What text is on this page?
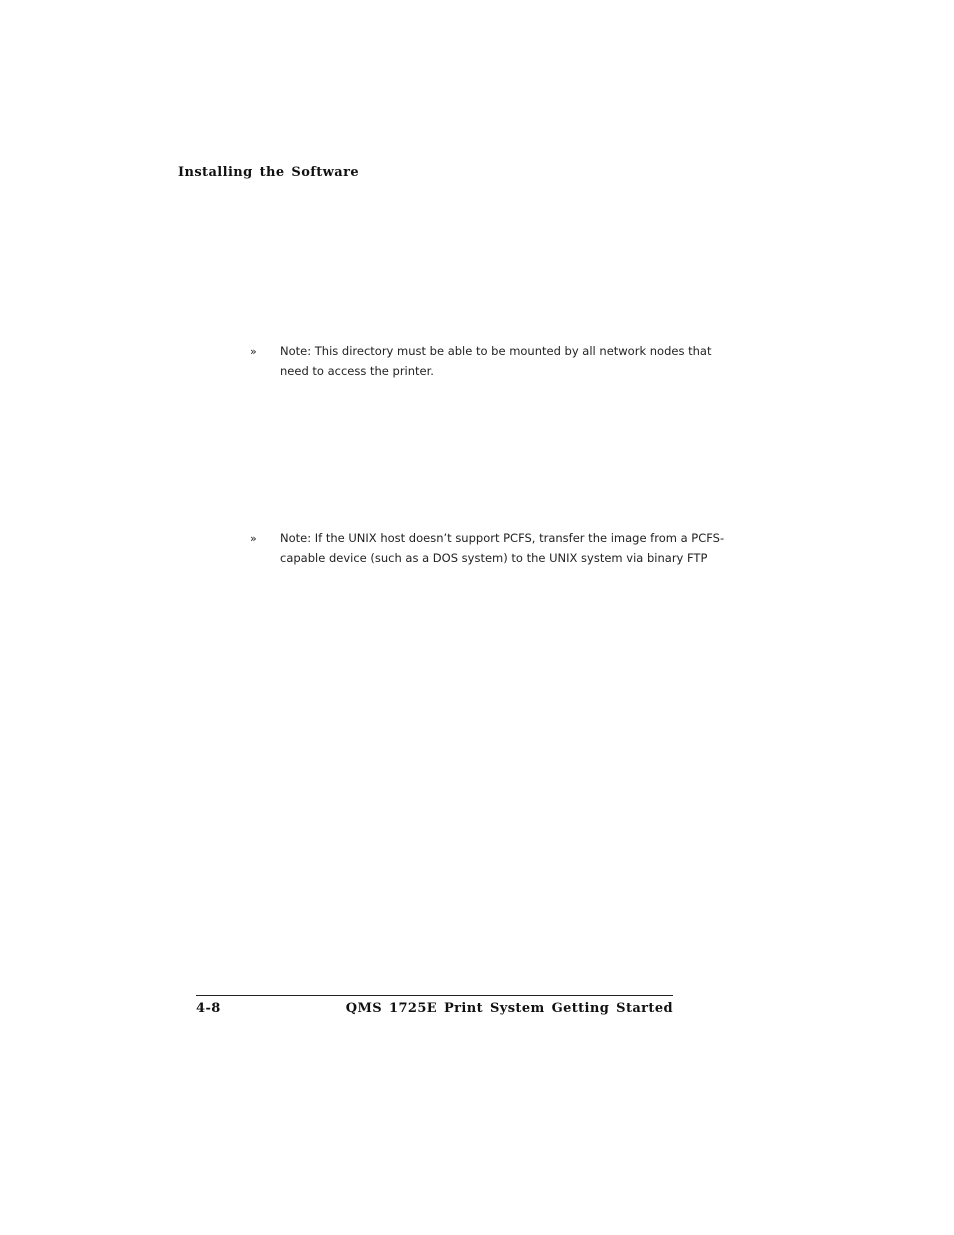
Installing the Software
»	Note: This directory must be able to be mounted by all network nodes that need to access the printer.
»	Note: If the UNIX host doesn’t support PCFS, transfer the image from a PCFS-capable device (such as a DOS system) to the UNIX system via binary FTP
4-8	QMS 1725E Print System Getting Started
